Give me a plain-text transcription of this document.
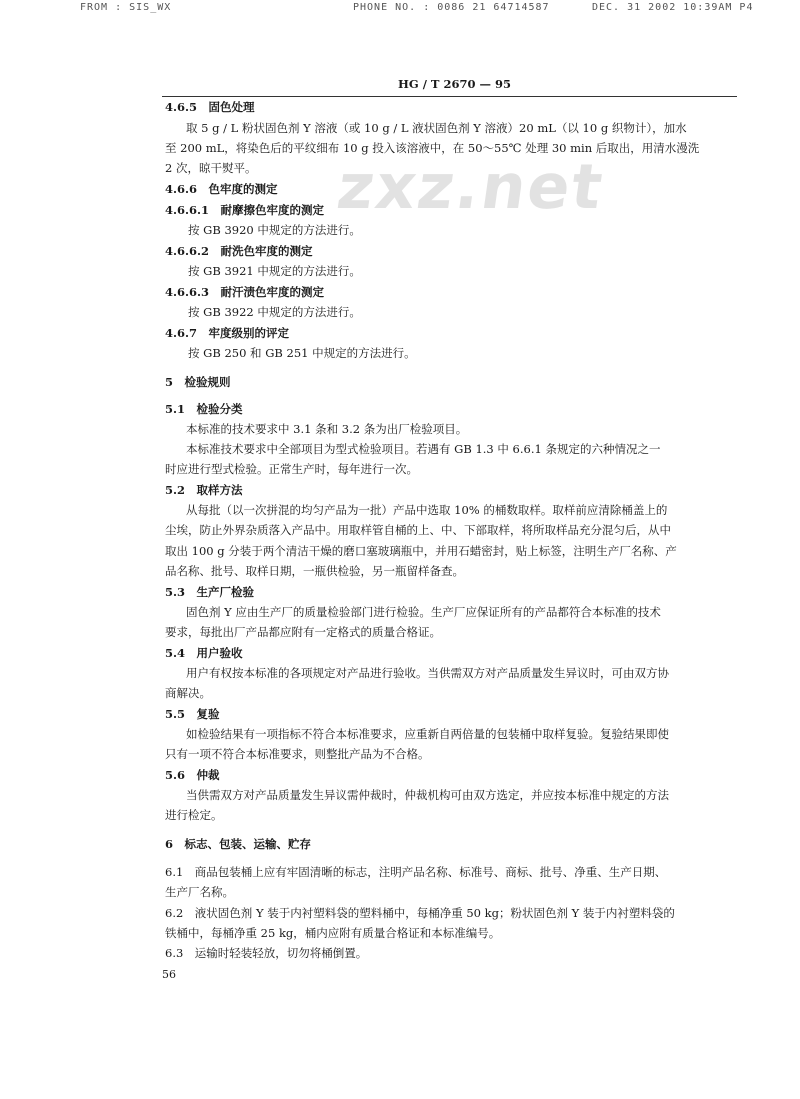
FROM : SIS_WX	PHONE NO. : 0086 21 64714587	DEC. 31 2002 10:39AM P4
zxz.net
HG / T 2670 — 95
4.6.5　固色处理
取 5 g / L 粉状固色剂 Y 溶液（或 10 g / L 液状固色剂 Y 溶液）20 mL（以 10 g 织物计），加水
至 200 mL，将染色后的平纹细布 10 g 投入该溶液中，在 50～55℃ 处理 30 min 后取出，用清水漫洗
2 次，晾干熨平。
4.6.6　色牢度的测定
4.6.6.1　耐摩擦色牢度的测定
按 GB 3920 中规定的方法进行。
4.6.6.2　耐洗色牢度的测定
按 GB 3921 中规定的方法进行。
4.6.6.3　耐汗渍色牢度的测定
按 GB 3922 中规定的方法进行。
4.6.7　牢度级别的评定
按 GB 250 和 GB 251 中规定的方法进行。
5　检验规则
5.1　检验分类
本标准的技术要求中 3.1 条和 3.2 条为出厂检验项目。
本标准技术要求中全部项目为型式检验项目。若遇有 GB 1.3 中 6.6.1 条规定的六种情况之一
时应进行型式检验。正常生产时，每年进行一次。
5.2　取样方法
从每批（以一次拼混的均匀产品为一批）产品中选取 10% 的桶数取样。取样前应清除桶盖上的
尘埃，防止外界杂质落入产品中。用取样管自桶的上、中、下部取样，将所取样品充分混匀后，从中
取出 100 g 分装于两个清洁干燥的磨口塞玻璃瓶中，并用石蜡密封，贴上标签，注明生产厂名称、产
品名称、批号、取样日期，一瓶供检验，另一瓶留样备查。
5.3　生产厂检验
固色剂 Y 应由生产厂的质量检验部门进行检验。生产厂应保证所有的产品都符合本标准的技术
要求，每批出厂产品都应附有一定格式的质量合格证。
5.4　用户验收
用户有权按本标准的各项规定对产品进行验收。当供需双方对产品质量发生异议时，可由双方协
商解决。
5.5　复验
如检验结果有一项指标不符合本标准要求，应重新自两倍量的包装桶中取样复验。复验结果即使
只有一项不符合本标准要求，则整批产品为不合格。
5.6　仲裁
当供需双方对产品质量发生异议需仲裁时，仲裁机构可由双方选定，并应按本标准中规定的方法
进行检定。
6　标志、包装、运输、贮存
6.1　商品包装桶上应有牢固清晰的标志，注明产品名称、标准号、商标、批号、净重、生产日期、
生产厂名称。
6.2　液状固色剂 Y 装于内衬塑料袋的塑料桶中，每桶净重 50 kg；粉状固色剂 Y 装于内衬塑料袋的
铁桶中，每桶净重 25 kg，桶内应附有质量合格证和本标准编号。
6.3　运输时轻装轻放，切勿将桶倒置。
56
